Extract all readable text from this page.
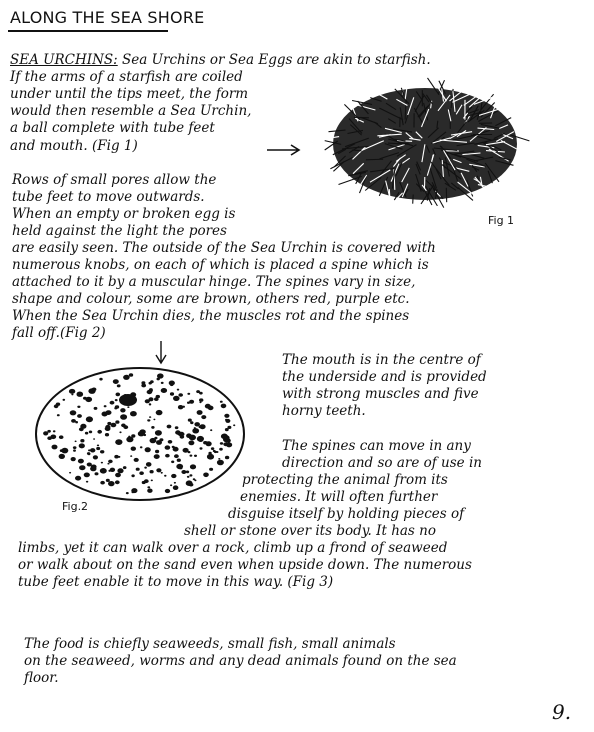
ALONG THE SEA SHORE
SEA URCHINS: Sea Urchins or Sea Eggs are akin to starfish.
If the arms of a starfish are coiled
under until the tips meet, the form
would then resemble a Sea Urchin,
a ball complete with tube feet
and mouth. (Fig 1)
Fig 1
Rows of small pores allow the
tube feet to move outwards.
When an empty or broken egg is
held against the light the pores
are easily seen. The outside of the Sea Urchin is covered with
numerous knobs, on each of which is placed a spine which is
attached to it by a muscular hinge. The spines vary in size,
shape and colour, some are brown, others red, purple etc.
When the Sea Urchin dies, the muscles rot and the spines
fall off.(Fig 2)
Fig.2
The mouth is in the centre of
the underside and is provided
with strong muscles and five
horny teeth.
The spines can move in any
direction and so are of use in
protecting the animal from its
enemies. It will often further
disguise itself by holding pieces of
shell or stone over its body. It has no
limbs, yet it can walk over a rock, climb up a frond of seaweed
or walk about on the sand even when upside down. The numerous
tube feet enable it to move in this way. (Fig 3)
The food is chiefly seaweeds, small fish, small animals
on the seaweed, worms and any dead animals found on the sea
floor.
9.
